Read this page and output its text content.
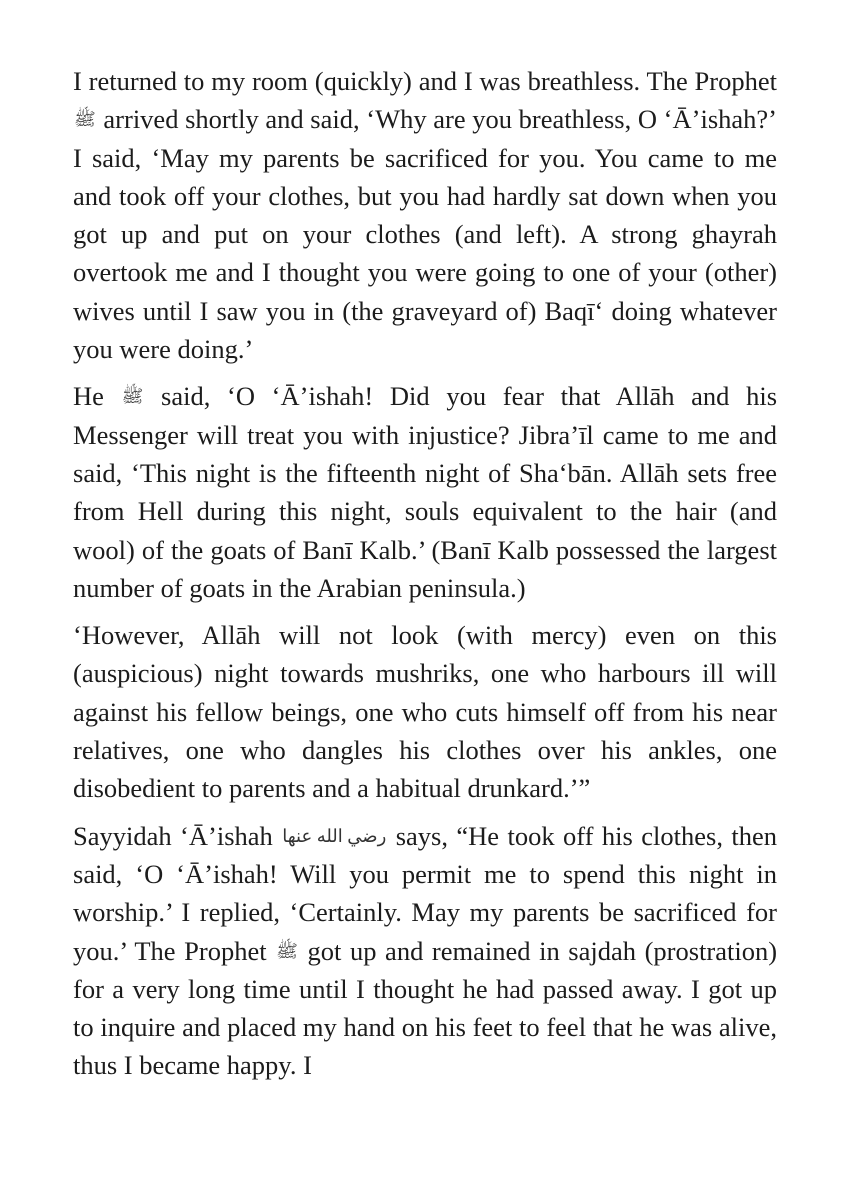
I returned to my room (quickly) and I was breathless. The Prophet ﷺ arrived shortly and said, ‘Why are you breathless, O ‘Ā’ishah?’ I said, ‘May my parents be sacrificed for you. You came to me and took off your clothes, but you had hardly sat down when you got up and put on your clothes (and left). A strong ghayrah overtook me and I thought you were going to one of your (other) wives until I saw you in (the graveyard of) Baqī‘ doing whatever you were doing.’

He ﷺ said, ‘O ‘Ā’ishah! Did you fear that Allāh and his Messenger will treat you with injustice? Jibra’īl came to me and said, ‘This night is the fifteenth night of Sha‘bān. Allāh sets free from Hell during this night, souls equivalent to the hair (and wool) of the goats of Banī Kalb.’ (Banī Kalb possessed the largest number of goats in the Arabian peninsula.)

‘However, Allāh will not look (with mercy) even on this (auspicious) night towards mushriks, one who harbours ill will against his fellow beings, one who cuts himself off from his near relatives, one who dangles his clothes over his ankles, one disobedient to parents and a habitual drunkard.’”

Sayyidah ‘Ā’ishah رضي الله عنها says, “He took off his clothes, then said, ‘O ‘Ā’ishah! Will you permit me to spend this night in worship.’ I replied, ‘Certainly. May my parents be sacrificed for you.’ The Prophet ﷺ got up and remained in sajdah (prostration) for a very long time until I thought he had passed away. I got up to inquire and placed my hand on his feet to feel that he was alive, thus I became happy. I
